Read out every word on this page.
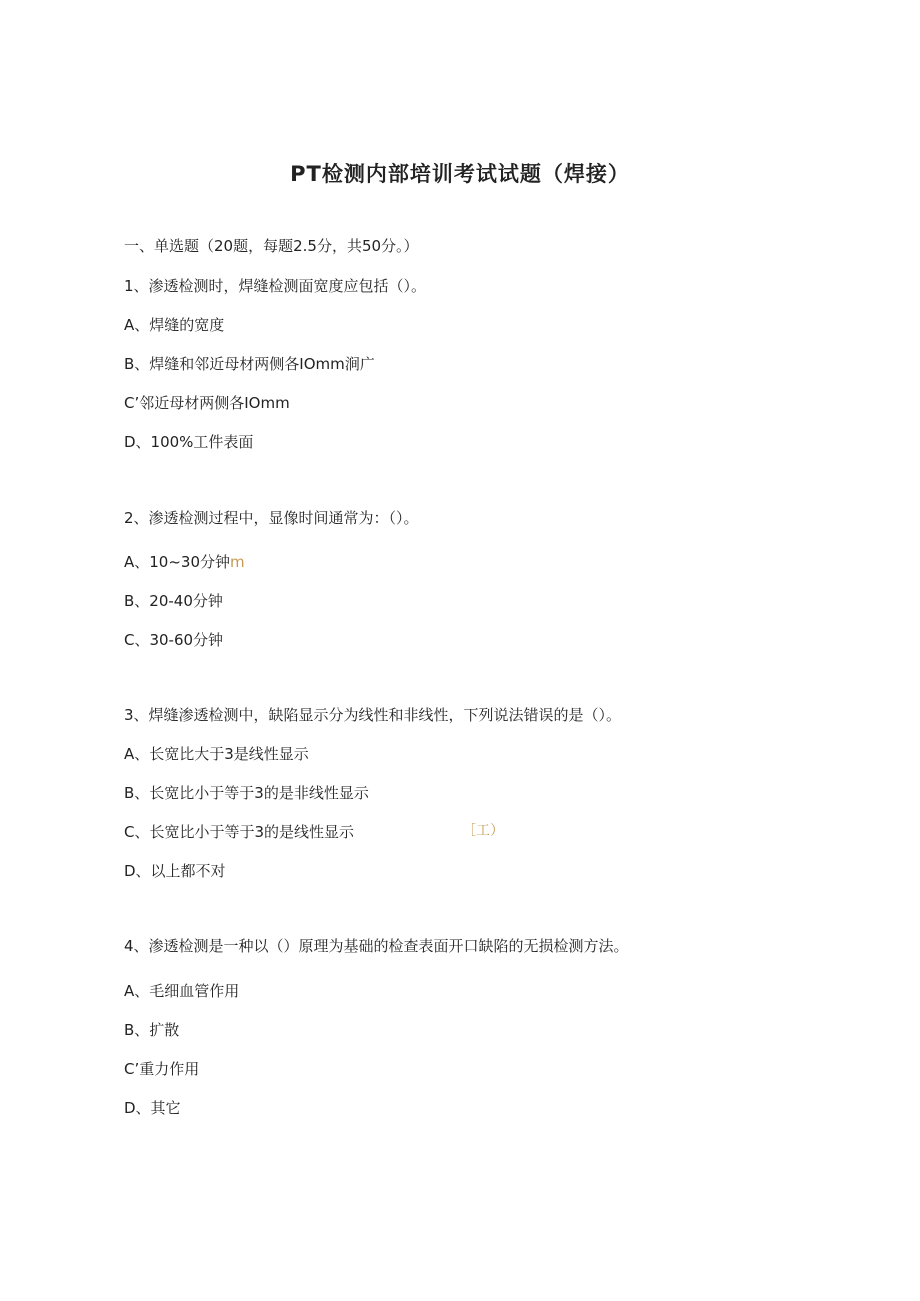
PT检测内部培训考试试题（焊接）
一、单选题（20题，每题2.5分，共50分。）
1、渗透检测时，焊缝检测面宽度应包括（）。
A、焊缝的宽度
B、焊缝和邻近母材两侧各IOmm涧广
C’邻近母材两侧各IOmm
D、100%工件表面
2、渗透检测过程中，显像时间通常为：（）。
A、10~30分钟m
B、20-40分钟
C、30-60分钟
3、焊缝渗透检测中，缺陷显示分为线性和非线性，下列说法错误的是（）。
A、长宽比大于3是线性显示
B、长宽比小于等于3的是非线性显示
C、长宽比小于等于3的是线性显示	［工）
D、以上都不对
4、渗透检测是一种以（）原理为基础的检查表面开口缺陷的无损检测方法。
A、毛细血管作用
B、扩散
C’重力作用
D、其它
